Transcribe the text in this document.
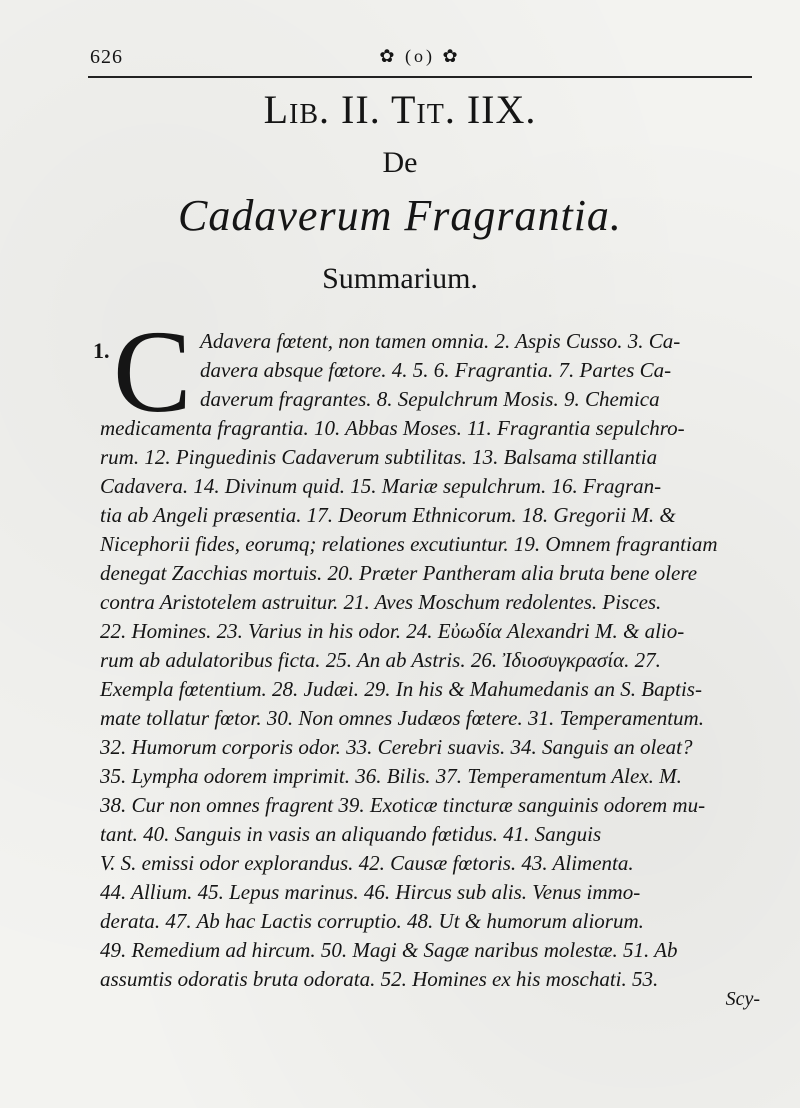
626	✿ (o) ✿
Lib. II. Tit. IIX.
De
Cadaverum Fragrantia.
Summarium.
1. C Adavera fœtent, non tamen omnia. 2. Aspis Cusso. 3. Ca-
davera absque fœtore. 4. 5. 6. Fragrantia. 7. Partes Ca-
daverum fragrantes. 8. Sepulchrum Mosis. 9. Chemica
medicamenta fragrantia. 10. Abbas Moses. 11. Fragrantia sepulchro-
rum. 12. Pinguedinis Cadaverum subtilitas. 13. Balsama stillantia
Cadavera. 14. Divinum quid. 15. Mariæ sepulchrum. 16. Fragran-
tia ab Angeli præsentia. 17. Deorum Ethnicorum. 18. Gregorii M. &
Nicephorii fides, eorumq; relationes excutiuntur. 19. Omnem fragrantiam
denegat Zacchias mortuis. 20. Præter Pantheram alia bruta bene olere
contra Aristotelem astruitur. 21. Aves Moschum redolentes. Pisces.
22. Homines. 23. Varius in his odor. 24. Εὐωδία Alexandri M. & alio-
rum ab adulatoribus ficta. 25. An ab Astris. 26. Ἰδιοσυγκρασία. 27.
Exempla fœtentium. 28. Judæi. 29. In his & Mahumedanis an S. Baptis-
mate tollatur fœtor. 30. Non omnes Judæos fœtere. 31. Temperamentum.
32. Humorum corporis odor. 33. Cerebri suavis. 34. Sanguis an oleat?
35. Lympha odorem imprimit. 36. Bilis. 37. Temperamentum Alex. M.
38. Cur non omnes fragrent 39. Exoticæ tincturæ sanguinis odorem mu-
tant. 40. Sanguis in vasis an aliquando fœtidus. 41. Sanguis
V. S. emissi odor explorandus. 42. Causæ fœtoris. 43. Alimenta.
44. Allium. 45. Lepus marinus. 46. Hircus sub alis. Venus immo-
derata. 47. Ab hac Lactis corruptio. 48. Ut & humorum aliorum.
49. Remedium ad hircum. 50. Magi & Sagæ naribus molestæ. 51. Ab
assumtis odoratis bruta odorata. 52. Homines ex his moschati. 53.
Scy-
